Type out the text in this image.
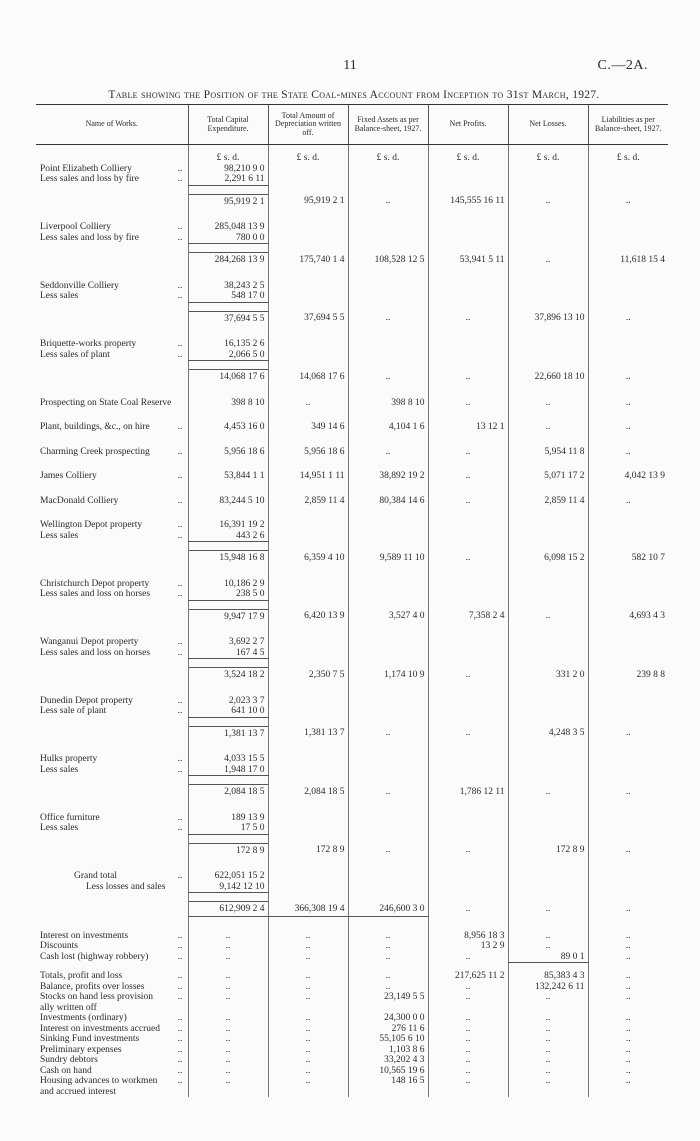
11	C.—2A.
Table showing the Position of the State Coal-mines Account from Inception to 31st March, 1927.
Name of Works.	Total Capital Expenditure.	Total Amount of Depreciation written off.	Fixed Assets as per Balance-sheet, 1927.	Net Profits.	Net Losses.	Liabilities as per Balance-sheet, 1927.

	£ s. d.	£ s. d.	£ s. d.	£ s. d.	£ s. d.	£ s. d.
Point Elizabeth Colliery ..	98,210 9 0					
Less sales and loss by fire ..	2,291 6 11					

	95,919 2 1	95,919 2 1	..	145,555 16 11	..	..

Liverpool Colliery ..	285,048 13 9					
Less sales and loss by fire ..	780 0 0					

	284,268 13 9	175,740 1 4	108,528 12 5	53,941 5 11	..	11,618 15 4

Seddonville Colliery ..	38,243 2 5					
Less sales ..	548 17 0					

	37,694 5 5	37,694 5 5	..	..	37,896 13 10	..

Briquette-works property ..	16,135 2 6					
Less sales of plant ..	2,066 5 0					

	14,068 17 6	14,068 17 6	..	..	22,660 18 10	..

Prospecting on State Coal Reserve	398 8 10	..	398 8 10	..	..	..

Plant, buildings, &c., on hire ..	4,453 16 0	349 14 6	4,104 1 6	13 12 1	..	..

Charming Creek prospecting ..	5,956 18 6	5,956 18 6	..	..	5,954 11 8	..

James Colliery ..	53,844 1 1	14,951 1 11	38,892 19 2	..	5,071 17 2	4,042 13 9

MacDonald Colliery ..	83,244 5 10	2,859 11 4	80,384 14 6	..	2,859 11 4	..

Wellington Depot property ..	16,391 19 2					
Less sales ..	443 2 6					

	15,948 16 8	6,359 4 10	9,589 11 10	..	6,098 15 2	582 10 7

Christchurch Depot property ..	10,186 2 9					
Less sales and loss on horses ..	238 5 0					

	9,947 17 9	6,420 13 9	3,527 4 0	7,358 2 4	..	4,693 4 3

Wanganui Depot property ..	3,692 2 7					
Less sales and loss on horses ..	167 4 5					

	3,524 18 2	2,350 7 5	1,174 10 9	..	331 2 0	239 8 8

Dunedin Depot property ..	2,023 3 7					
Less sale of plant ..	641 10 0					

	1,381 13 7	1,381 13 7	..	..	4,248 3 5	..

Hulks property ..	4,033 15 5					
Less sales ..	1,948 17 0					

	2,084 18 5	2,084 18 5	..	1,786 12 11	..	..

Office furniture ..	189 13 9					
Less sales ..	17 5 0					

	172 8 9	172 8 9	..	..	172 8 9	..

Grand total ..	622,051 15 2					
Less losses and sales	9,142 12 10					

	612,909 2 4	366,308 19 4	246,600 3 0	..	..	..

Interest on investments ..	..	..	..	8,956 18 3	..	..
Discounts ..	..	..	..	13 2 9	..	..
Cash lost (highway robbery) ..	..	..	..	..	89 0 1	..

Totals, profit and loss ..	..	..	..	217,625 11 2	85,383 4 3	..
Balance, profits over losses ..	..	..	..	..	132,242 6 11	..
Stocks on hand less provision ..	..	..	23,149 5 5	..	..	..
ally written off						
Investments (ordinary) ..	..	..	24,300 0 0	..	..	..
Interest on investments accrued ..	..	..	276 11 6	..	..	..
Sinking Fund investments ..	..	..	55,105 6 10	..	..	..
Preliminary expenses ..	..	..	1,103 8 6	..	..	..
Sundry debtors ..	..	..	33,202 4 3	..	..	..
Cash on hand ..	..	..	10,565 19 6	..	..	..
Housing advances to workmen ..	..	..	148 16 5	..	..	..
and accrued interest						
